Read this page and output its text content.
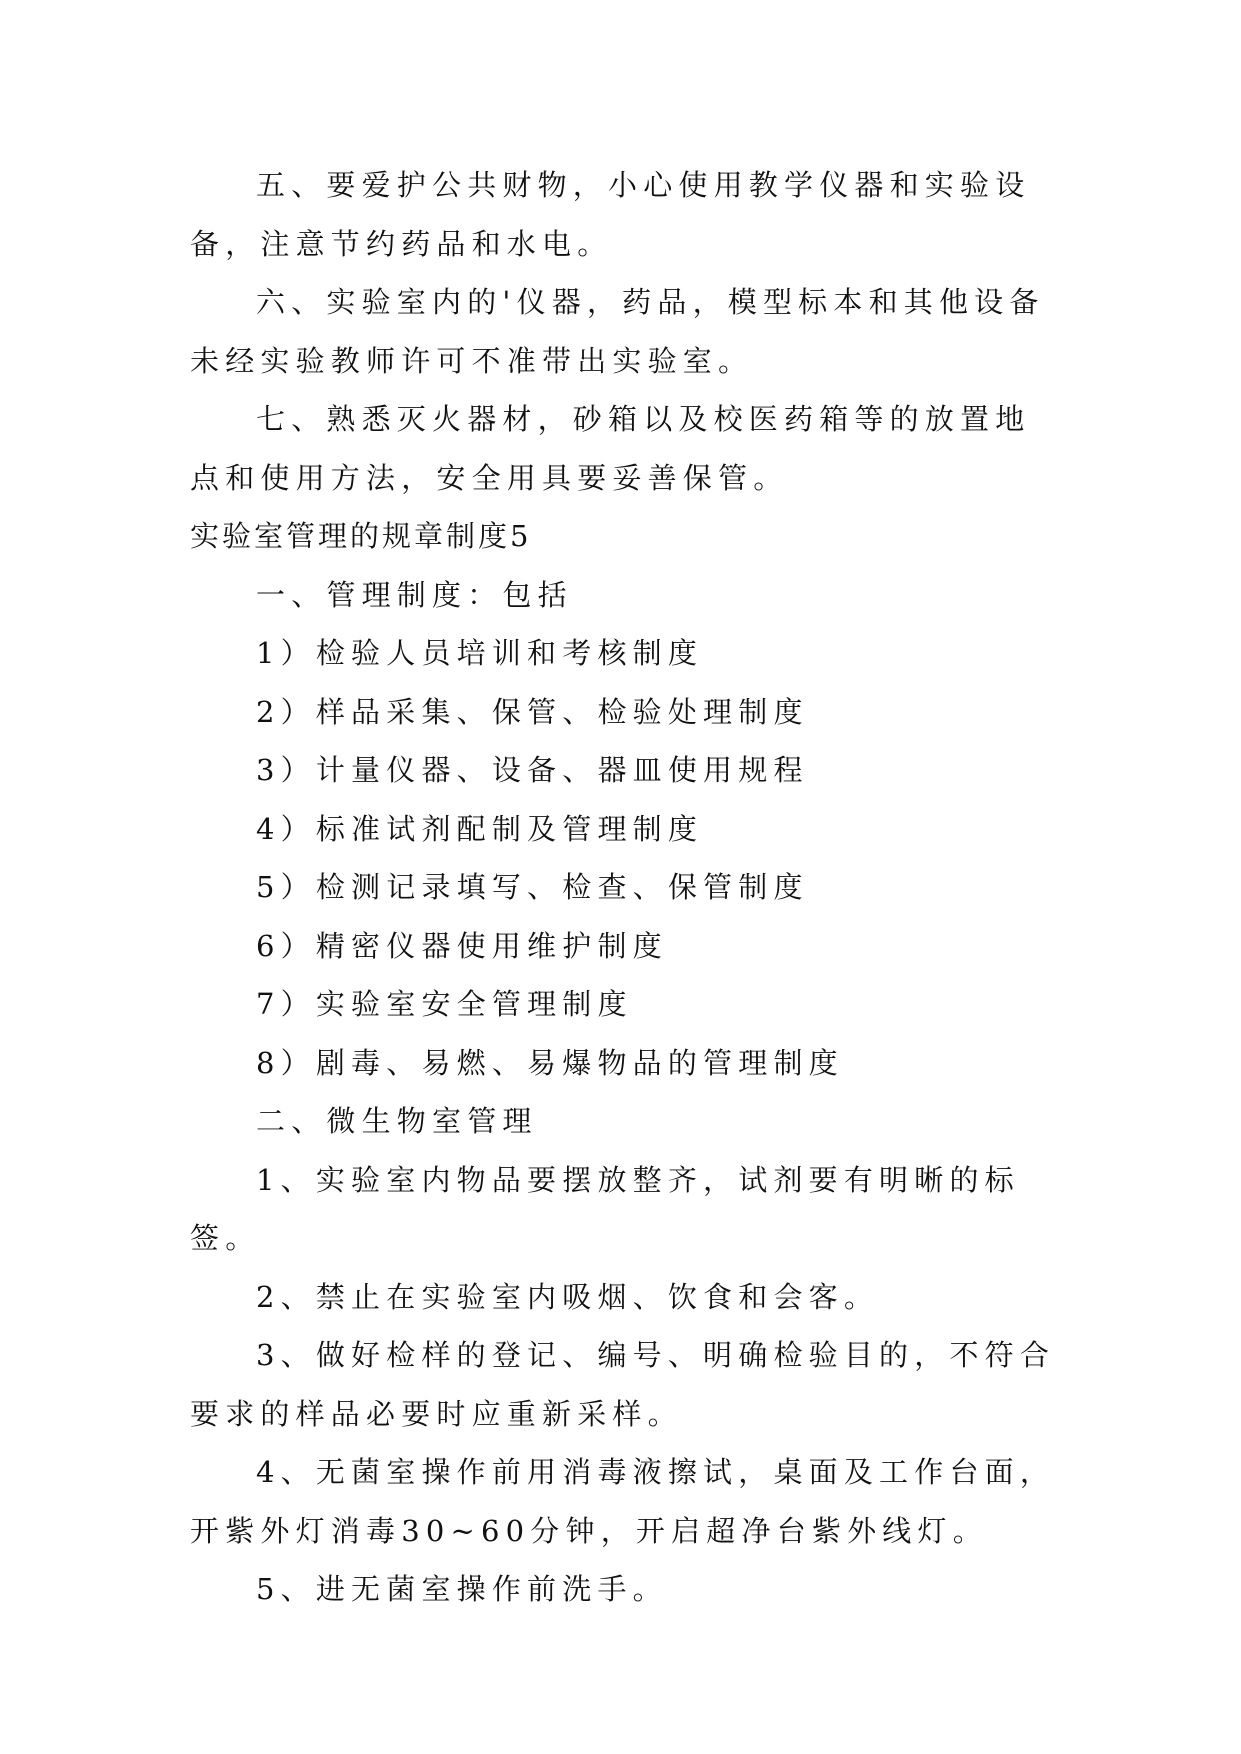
五、要爱护公共财物，小心使用教学仪器和实验设备，注意节约药品和水电。

六、实验室内的'仪器，药品，模型标本和其他设备未经实验教师许可不准带出实验室。

七、熟悉灭火器材，砂箱以及校医药箱等的放置地点和使用方法，安全用具要妥善保管。

实验室管理的规章制度5

一、管理制度：包括

1）检验人员培训和考核制度

2）样品采集、保管、检验处理制度

3）计量仪器、设备、器皿使用规程

4）标准试剂配制及管理制度

5）检测记录填写、检查、保管制度

6）精密仪器使用维护制度

7）实验室安全管理制度

8）剧毒、易燃、易爆物品的管理制度

二、微生物室管理

1、实验室内物品要摆放整齐，试剂要有明晰的标签。

2、禁止在实验室内吸烟、饮食和会客。

3、做好检样的登记、编号、明确检验目的，不符合要求的样品必要时应重新采样。

4、无菌室操作前用消毒液擦试，桌面及工作台面，开紫外灯消毒30~60分钟，开启超净台紫外线灯。

5、进无菌室操作前洗手。
